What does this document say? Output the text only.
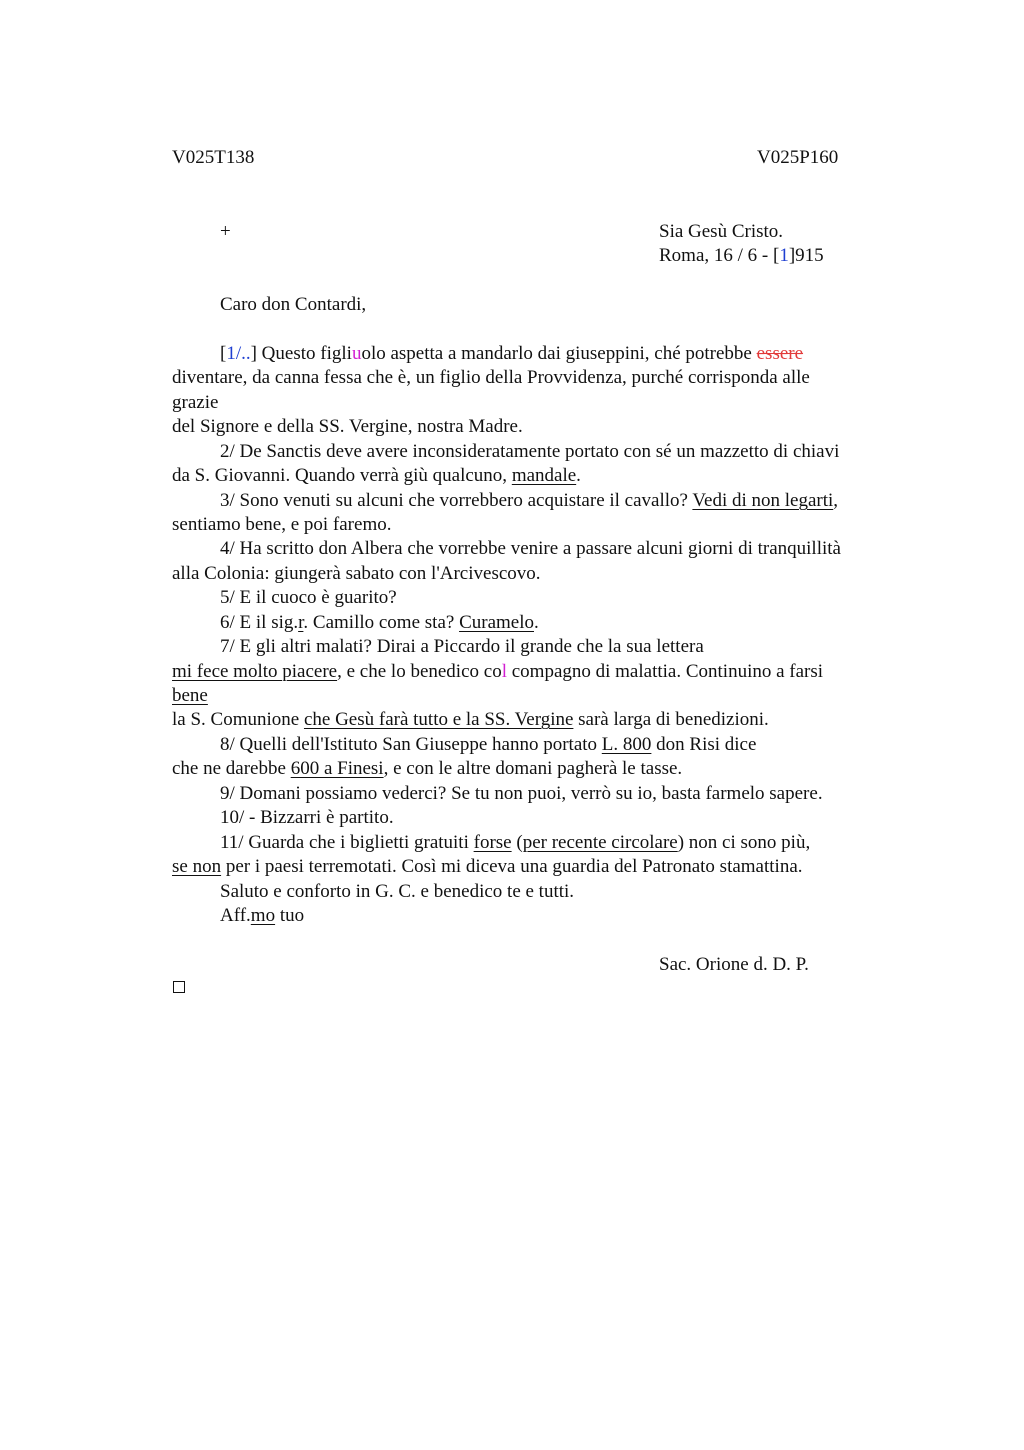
V025T138	V025P160
+	Sia Gesù Cristo.
Roma, 16 / 6 - [1]915
Caro don Contardi,
[1/..] Questo figliuolo aspetta a mandarlo dai giuseppini, ché potrebbe essere
diventare, da canna fessa che è, un figlio della Provvidenza, purché corrisponda alle
grazie
del Signore e della SS. Vergine, nostra Madre.
2/ De Sanctis deve avere inconsideratamente portato con sé un mazzetto di chiavi
da S. Giovanni. Quando verrà giù qualcuno, mandale.
3/ Sono venuti su alcuni che vorrebbero acquistare il cavallo? Vedi di non legarti,
sentiamo bene, e poi faremo.
4/ Ha scritto don Albera che vorrebbe venire a passare alcuni giorni di tranquillità
alla Colonia: giungerà sabato con l'Arcivescovo.
5/ E il cuoco è guarito?
6/ E il sig.r. Camillo come sta? Curamelo.
7/ E gli altri malati? Dirai a Piccardo il grande che la sua lettera
mi fece molto piacere, e che lo benedico col compagno di malattia. Continuino a farsi
bene
la S. Comunione che Gesù farà tutto e la SS. Vergine sarà larga di benedizioni.
8/ Quelli dell'Istituto San Giuseppe hanno portato L. 800 don Risi dice
che ne darebbe 600 a Finesi, e con le altre domani pagherà le tasse.
9/ Domani possiamo vederci? Se tu non puoi, verrò su io, basta farmelo sapere.
10/ - Bizzarri è partito.
11/ Guarda che i biglietti gratuiti forse (per recente circolare) non ci sono più,
se non per i paesi terremotati. Così mi diceva una guardia del Patronato stamattina.
Saluto e conforto in G. C. e benedico te e tutti.
Aff.mo tuo
Sac. Orione d. D. P.
